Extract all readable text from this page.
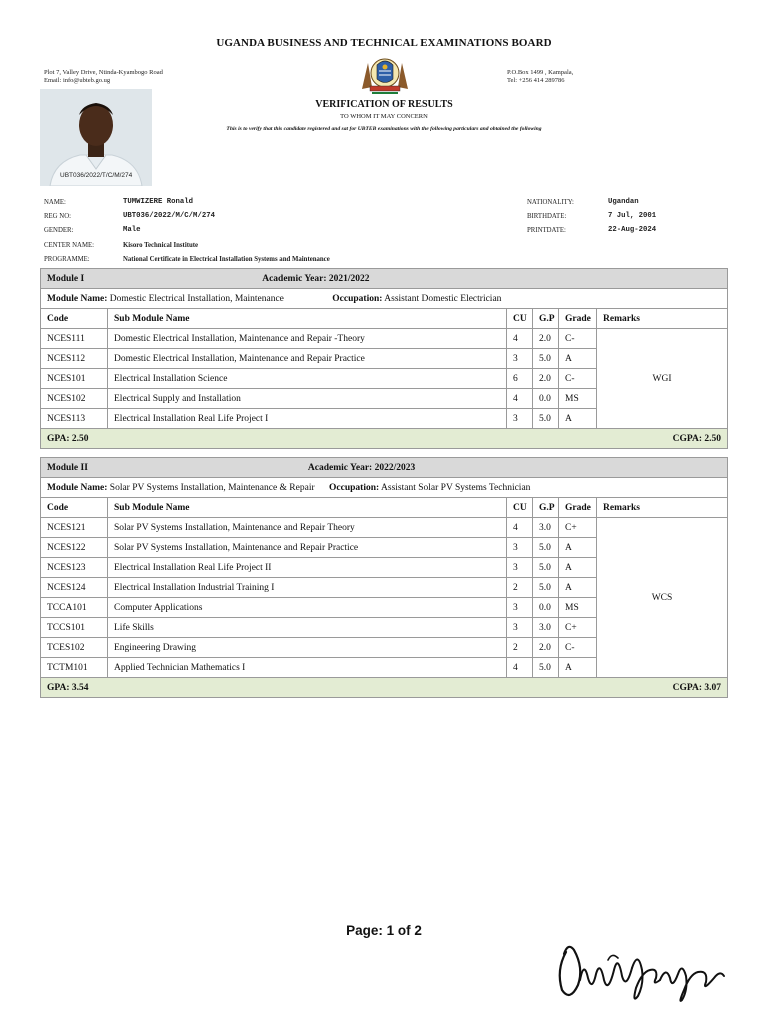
UGANDA BUSINESS AND TECHNICAL EXAMINATIONS BOARD
Plot 7, Valley Drive, Ntinda-Kyambogo Road
Email: info@ubteb.go.ug
P.O.Box 1499 , Kampala,
Tel: +256 414 289786
UBT036/2022/T/C/M/274
VERIFICATION OF RESULTS
TO WHOM IT MAY CONCERN
This is to verify that this candidate registered and sat for UBTEB examinations with the following particulars and obtained the following
NAME:	TUMWIZERE Ronald
REG NO:	UBT036/2022/M/C/M/274
GENDER:	Male
CENTER NAME:	Kisoro Technical Institute
PROGRAMME:	National Certificate in Electrical Installation Systems and Maintenance
NATIONALITY:	Ugandan
BIRTHDATE:	7 Jul, 2001
PRINTDATE:	22-Aug-2024
Module I Academic Year: 2021/2022					
Module Name: Domestic Electrical Installation, Maintenance Occupation: Assistant Domestic Electrician					
Code	Sub Module Name	CU	G.P	Grade	Remarks
NCES111	Domestic Electrical Installation, Maintenance and Repair -Theory	4	2.0	C-	WGI
NCES112	Domestic Electrical Installation, Maintenance and Repair Practice	3	5.0	A	
NCES101	Electrical Installation Science	6	2.0	C-	
NCES102	Electrical Supply and Installation	4	0.0	MS	
NCES113	Electrical Installation Real Life Project I	3	5.0	A	
GPA: 2.50			CGPA: 2.50		
Module II Academic Year: 2022/2023					
Module Name: Solar PV Systems Installation, Maintenance & Repair Occupation: Assistant Solar PV Systems Technician					
Code	Sub Module Name	CU	G.P	Grade	Remarks
NCES121	Solar PV Systems Installation, Maintenance and Repair Theory	4	3.0	C+	WCS
NCES122	Solar PV Systems Installation, Maintenance and Repair Practice	3	5.0	A	
NCES123	Electrical Installation Real Life Project II	3	5.0	A	
NCES124	Electrical Installation Industrial Training I	2	5.0	A	
TCCA101	Computer Applications	3	0.0	MS	
TCCS101	Life Skills	3	3.0	C+	
TCES102	Engineering Drawing	2	2.0	C-	
TCTM101	Applied Technician Mathematics I	4	5.0	A	
GPA: 3.54			CGPA: 3.07		
Page: 1 of 2
